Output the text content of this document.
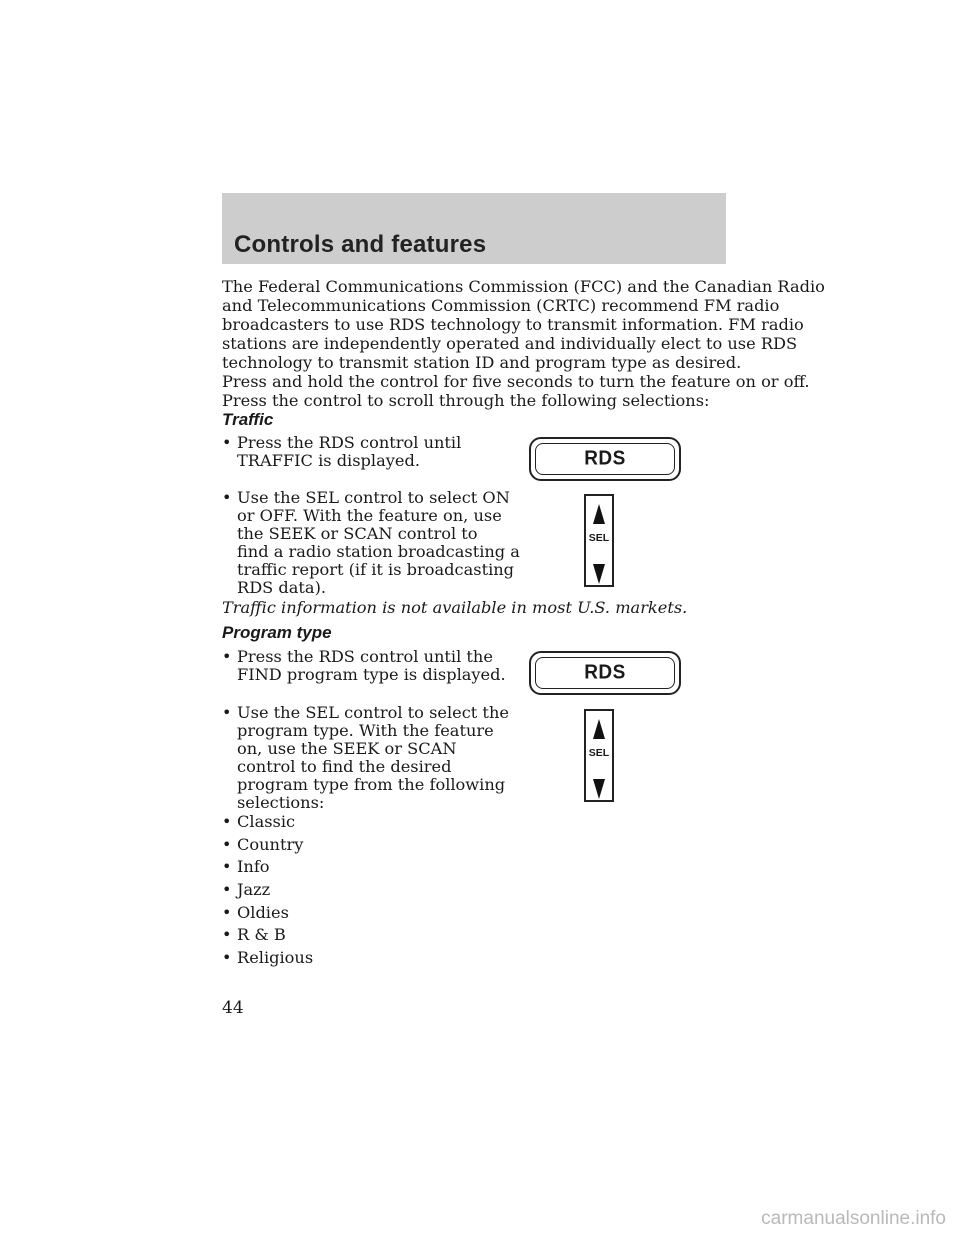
Controls and features
The Federal Communications Commission (FCC) and the Canadian Radio
and Telecommunications Commission (CRTC) recommend FM radio
broadcasters to use RDS technology to transmit information. FM radio
stations are independently operated and individually elect to use RDS
technology to transmit station ID and program type as desired.
Press and hold the control for five seconds to turn the feature on or off.
Press the control to scroll through the following selections:
Traffic
• Press the RDS control until
TRAFFIC is displayed.
• Use the SEL control to select ON
or OFF. With the feature on, use
the SEEK or SCAN control to
find a radio station broadcasting a
traffic report (if it is broadcasting
RDS data).
Traffic information is not available in most U.S. markets.
RDS
SEL
Program type
• Press the RDS control until the
FIND program type is displayed.
• Use the SEL control to select the
program type. With the feature
on, use the SEEK or SCAN
control to find the desired
program type from the following
selections:
• Classic
• Country
• Info
• Jazz
• Oldies
• R & B
• Religious
RDS
SEL
44
carmanualsonline.info
